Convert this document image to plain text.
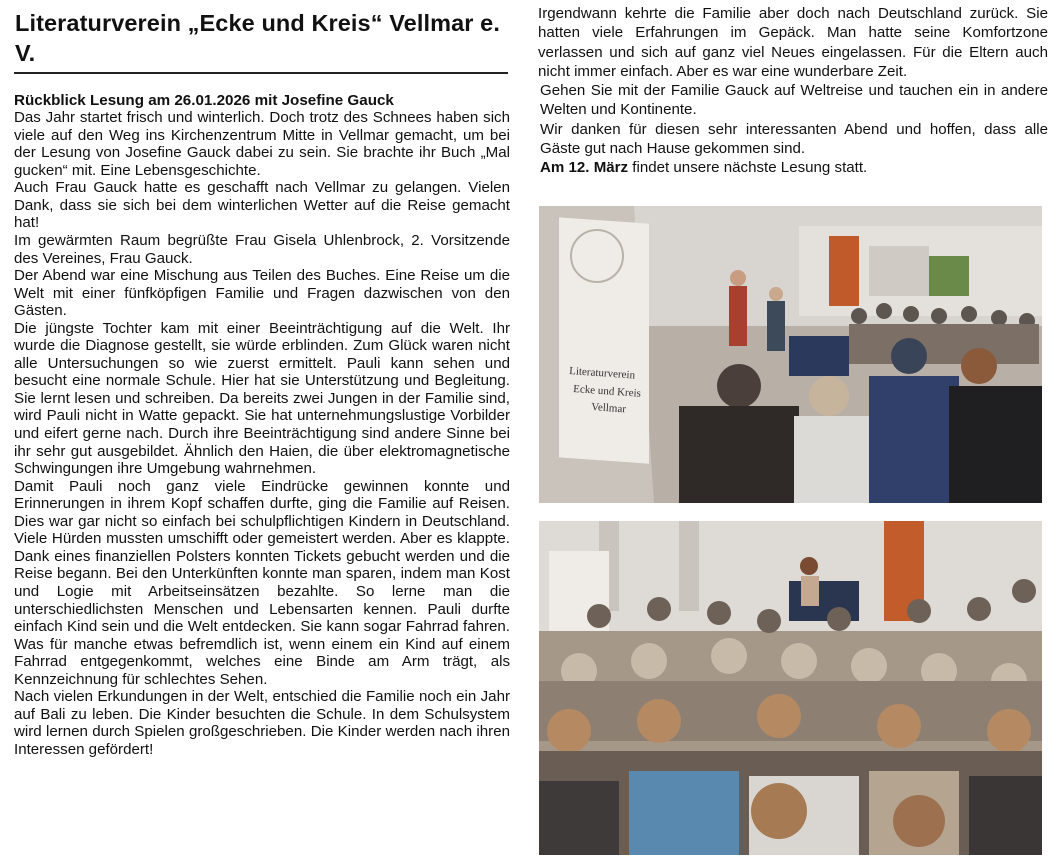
Literaturverein „Ecke und Kreis“ Vellmar e. V.
Rückblick Lesung am 26.01.2026 mit Josefine Gauck

Das Jahr startet frisch und winterlich. Doch trotz des Schnees haben sich viele auf den Weg ins Kirchenzentrum Mitte in Vellmar gemacht, um bei der Lesung von Josefine Gauck dabei zu sein. Sie brachte ihr Buch „Mal gucken“ mit. Eine Lebensgeschichte.

Auch Frau Gauck hatte es geschafft nach Vellmar zu gelangen. Vielen Dank, dass sie sich bei dem winterlichen Wetter auf die Reise gemacht hat!

Im gewärmten Raum begrüßte Frau Gisela Uhlenbrock, 2. Vorsitzende des Vereines, Frau Gauck.

Der Abend war eine Mischung aus Teilen des Buches. Eine Reise um die Welt mit einer fünfköpfigen Familie und Fragen dazwischen von den Gästen.

Die jüngste Tochter kam mit einer Beeinträchtigung auf die Welt. Ihr wurde die Diagnose gestellt, sie würde erblinden. Zum Glück waren nicht alle Untersuchungen so wie zuerst ermittelt. Pauli kann sehen und besucht eine normale Schule. Hier hat sie Unterstützung und Begleitung. Sie lernt lesen und schreiben. Da bereits zwei Jungen in der Familie sind, wird Pauli nicht in Watte gepackt. Sie hat unternehmungslustige Vorbilder und eifert gerne nach. Durch ihre Beeinträchtigung sind andere Sinne bei ihr sehr gut ausgebildet. Ähnlich den Haien, die über elektromagnetische Schwingungen ihre Umgebung wahrnehmen.

Damit Pauli noch ganz viele Eindrücke gewinnen konnte und Erinnerungen in ihrem Kopf schaffen durfte, ging die Familie auf Reisen. Dies war gar nicht so einfach bei schulpflichtigen Kindern in Deutschland. Viele Hürden mussten umschifft oder gemeistert werden. Aber es klappte. Dank eines finanziellen Polsters konnten Tickets gebucht werden und die Reise begann. Bei den Unterkünften konnte man sparen, indem man Kost und Logie mit Arbeitseinsätzen bezahlte. So lerne man die unterschiedlichsten Menschen und Lebensarten kennen. Pauli durfte einfach Kind sein und die Welt entdecken. Sie kann sogar Fahrrad fahren. Was für manche etwas befremdlich ist, wenn einem ein Kind auf einem Fahrrad entgegenkommt, welches eine Binde am Arm trägt, als Kennzeichnung für schlechtes Sehen.

Nach vielen Erkundungen in der Welt, entschied die Familie noch ein Jahr auf Bali zu leben. Die Kinder besuchten die Schule. In dem Schulsystem wird lernen durch Spielen großgeschrieben. Die Kinder werden nach ihren Interessen gefördert!

Irgendwann kehrte die Familie aber doch nach Deutschland zurück. Sie hatten viele Erfahrungen im Gepäck. Man hatte seine Komfortzone verlassen und sich auf ganz viel Neues eingelassen. Für die Eltern auch nicht immer einfach. Aber es war eine wunderbare Zeit.

Gehen Sie mit der Familie Gauck auf Weltreise und tauchen ein in andere Welten und Kontinente.

Wir danken für diesen sehr interessanten Abend und hoffen, dass alle Gäste gut nach Hause gekommen sind.

Am 12. März findet unsere nächste Lesung statt.

Literaturverein
Ecke und Kreis
Vellmar
